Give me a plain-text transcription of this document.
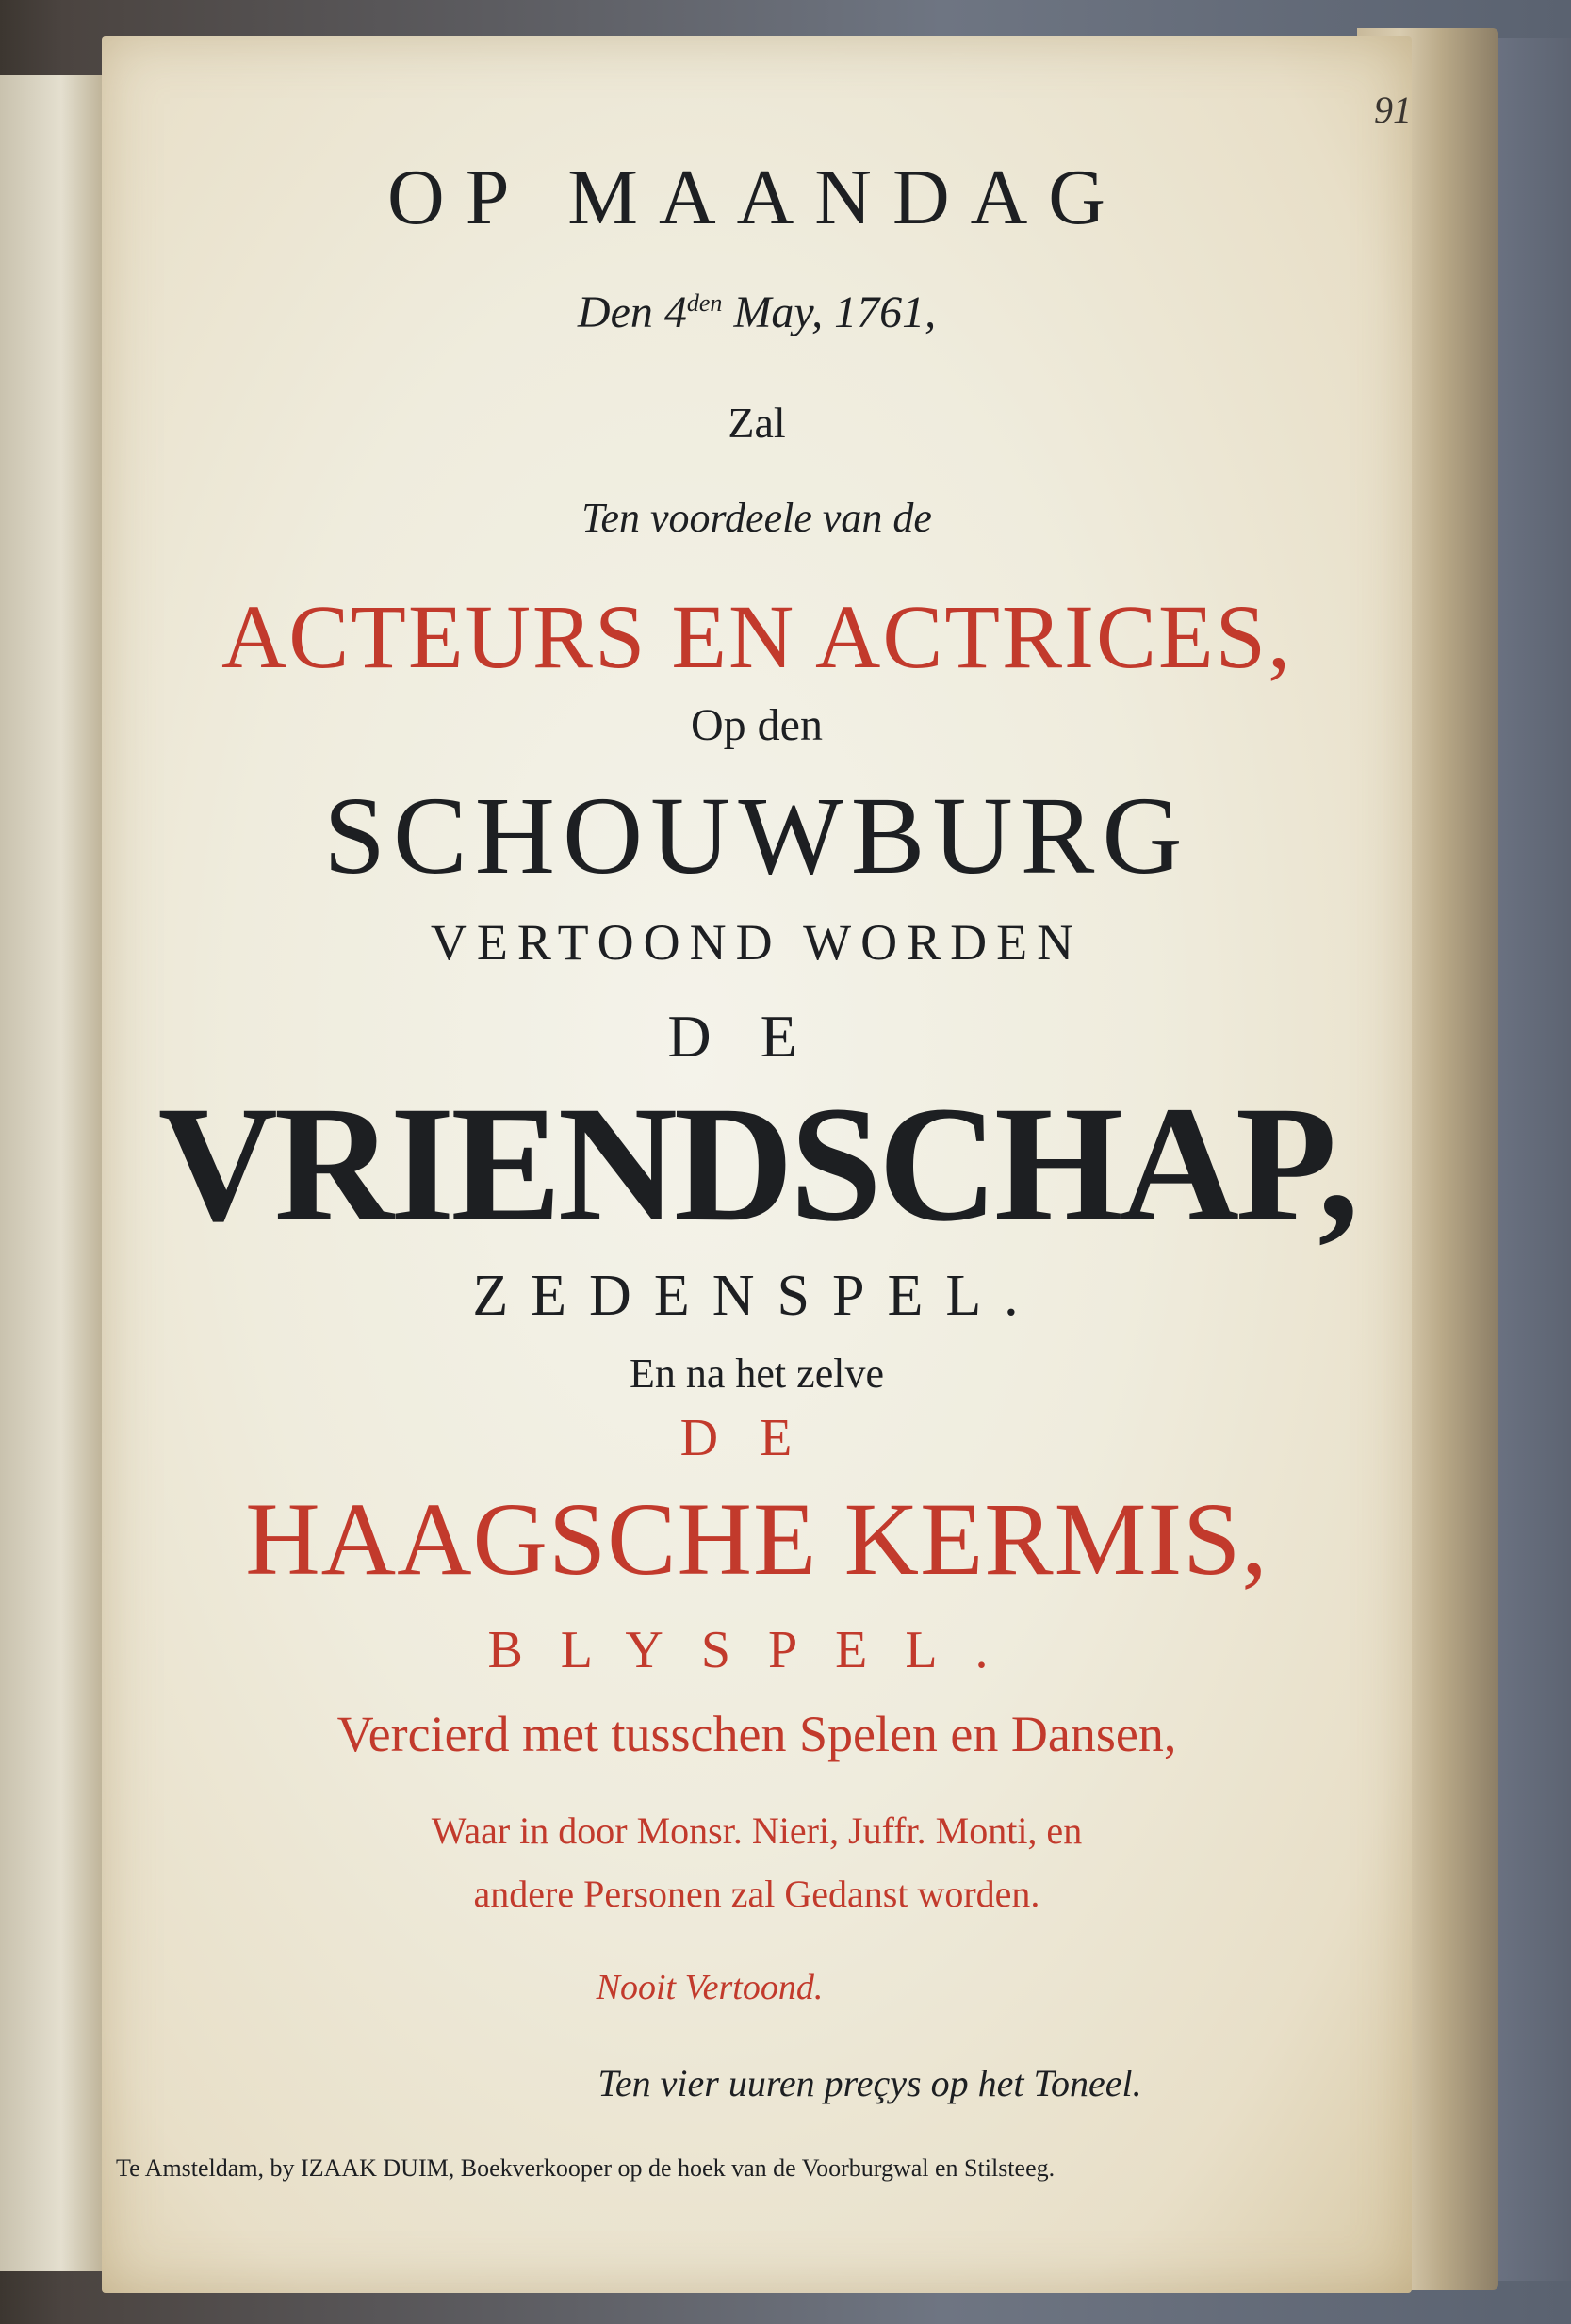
91
OP MAANDAG
Den $4^{den}$ May, 1761,
Zal
Ten voordeele van de
ACTEURS EN ACTRICES,
Op den
SCHOUWBURG
VERTOOND WORDEN
DE
VRIENDSCHAP,
ZEDENSPEL.
En na het zelve
DE
HAAGSCHE KERMIS,
BLYSPEL.
Vercierd met tusschen Spelen en Dansen,
Waar in door Monsr. Nieri, Juffr. Monti, en
andere Personen zal Gedanst worden.
Nooit Vertoond.
Ten vier uuren preçys op het Toneel.
Te Amsteldam, by IZAAK DUIM, Boekverkooper op de hoek van de Voorburgwal en Stilsteeg.
